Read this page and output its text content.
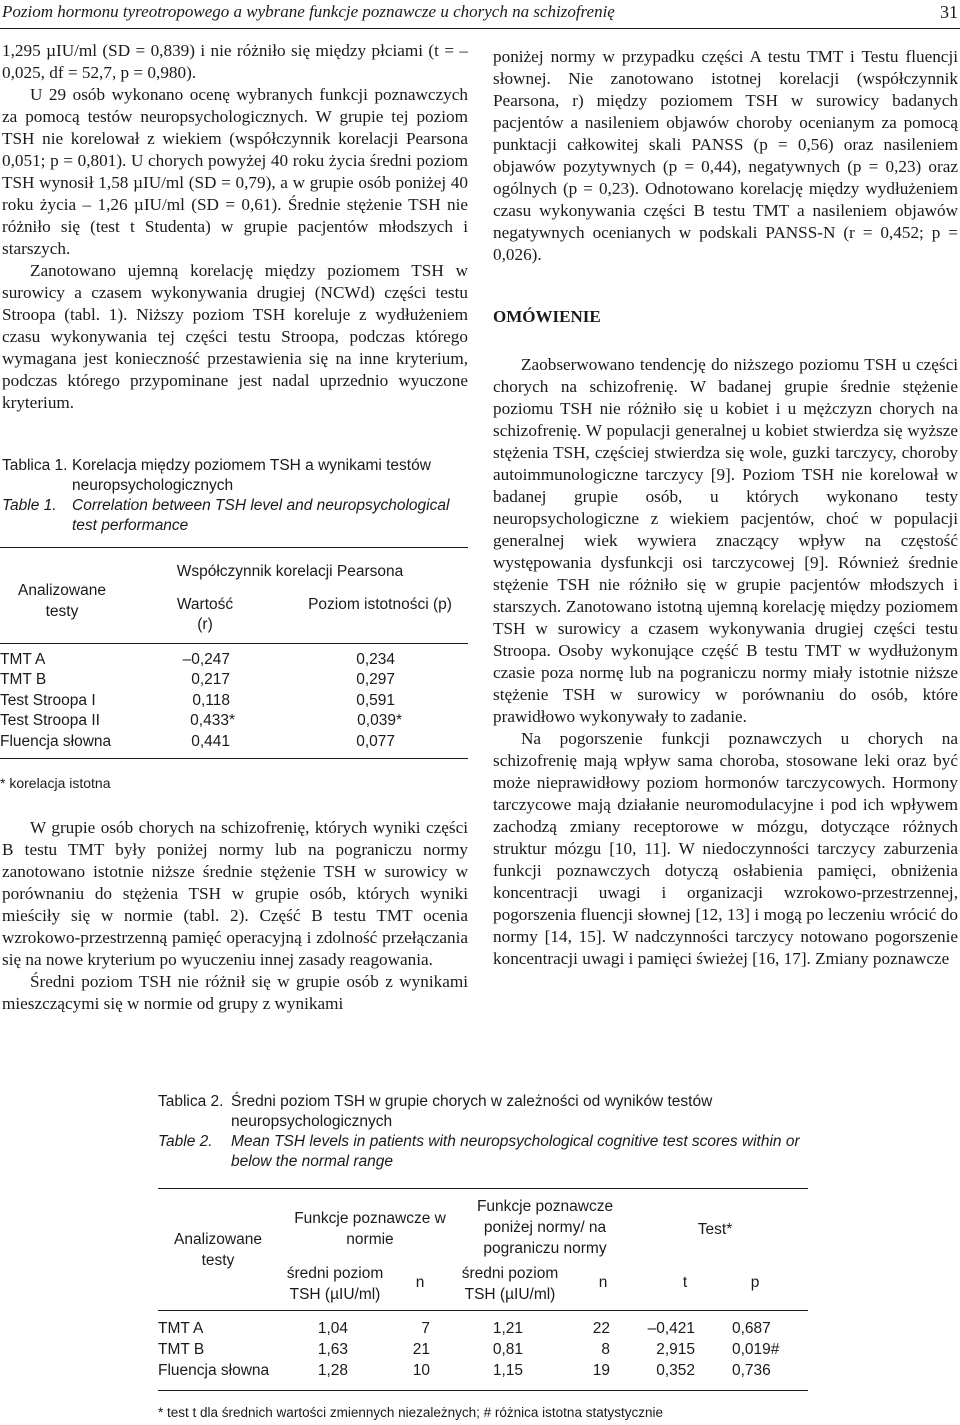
Poziom hormonu tyreotropowego a wybrane funkcje poznawcze u chorych na schizofrenię	31

1,295 µIU/ml (SD = 0,839) i nie różniło się między płciami (t = – 0,025, df = 52,7, p = 0,980).

U 29 osób wykonano ocenę wybranych funkcji poznawczych za pomocą testów neuropsychologicznych. W grupie tej poziom TSH nie korelował z wiekiem (współczynnik korelacji Pearsona 0,051; p = 0,801). U chorych powyżej 40 roku życia średni poziom TSH wynosił 1,58 µIU/ml (SD = 0,79), a w grupie osób poniżej 40 roku życia – 1,26 µIU/ml (SD = 0,61). Średnie stężenie TSH nie różniło się (test t Studenta) w grupie pacjentów młodszych i starszych.

Zanotowano ujemną korelację między poziomem TSH w surowicy a czasem wykonywania drugiej (NCWd) części testu Stroopa (tabl. 1). Niższy poziom TSH koreluje z wydłużeniem czasu wykonywania tej części testu Stroopa, podczas którego wymagana jest konieczność przestawienia się na inne kryterium, podczas którego przypominane jest nadal uprzednio wyuczone kryterium.

Tablica 1. Korelacja między poziomem TSH a wynikami testów neuropsychologicznych
Table 1. Correlation between TSH level and neuropsychological test performance
Analizowane testy
Współczynnik korelacji Pearsona
Wartość (r)
Poziom istotności (p)
TMT A	–0,247	0,234
TMT B	0,217	0,297
Test Stroopa I	0,118	0,591
Test Stroopa II	0,433*	0,039*
Fluencja słowna	0,441	0,077
* korelacja istotna

W grupie osób chorych na schizofrenię, których wyniki części B testu TMT były poniżej normy lub na pograniczu normy zanotowano istotnie niższe średnie stężenie TSH w surowicy w porównaniu do stężenia TSH w grupie osób, których wyniki mieściły się w normie (tabl. 2). Część B testu TMT ocenia wzrokowo-przestrzenną pamięć operacyjną i zdolność przełączania się na nowe kryterium po wyuczeniu innej zasady reagowania.

Średni poziom TSH nie różnił się w grupie osób z wynikami mieszczącymi się w normie od grupy z wynikami

poniżej normy w przypadku części A testu TMT i Testu fluencji słownej. Nie zanotowano istotnej korelacji (współczynnik Pearsona, r) między poziomem TSH w surowicy badanych pacjentów a nasileniem objawów choroby ocenianym za pomocą punktacji całkowitej skali PANSS (p = 0,56) oraz nasileniem objawów pozytywnych (p = 0,44), negatywnych (p = 0,23) oraz ogólnych (p = 0,23). Odnotowano korelację między wydłużeniem czasu wykonywania części B testu TMT a nasileniem objawów negatywnych ocenianych w podskali PANSS-N (r = 0,452; p = 0,026).

OMÓWIENIE

Zaobserwowano tendencję do niższego poziomu TSH u części chorych na schizofrenię. W badanej grupie średnie stężenie poziomu TSH nie różniło się u kobiet i u mężczyzn chorych na schizofrenię. W populacji generalnej u kobiet stwierdza się wyższe stężenia TSH, częściej stwierdza się wole, guzki tarczycy, choroby autoimmunologiczne tarczycy [9]. Poziom TSH nie korelował w badanej grupie osób, u których wykonano testy neuropsychologiczne z wiekiem pacjentów, choć w populacji generalnej wiek wywiera znaczący wpływ na częstość występowania dysfunkcji osi tarczycowej [9]. Również średnie stężenie TSH nie różniło się w grupie pacjentów młodszych i starszych. Zanotowano istotną ujemną korelację między poziomem TSH w surowicy a czasem wykonywania drugiej części testu Stroopa. Osoby wykonujące część B testu TMT w wydłużonym czasie poza normę lub na pograniczu normy miały istotnie niższe stężenie TSH w surowicy w porównaniu do osób, które prawidłowo wykonywały to zadanie.

Na pogorszenie funkcji poznawczych u chorych na schizofrenię mają wpływ sama choroba, stosowane leki oraz być może nieprawidłowy poziom hormonów tarczycowych. Hormony tarczycowe mają działanie neuromodulacyjne i pod ich wpływem zachodzą zmiany receptorowe w mózgu, dotyczące różnych struktur mózgu [10, 11]. W niedoczynności tarczycy zaburzenia funkcji poznawczych dotyczą osłabienia pamięci, obniżenia koncentracji uwagi i organizacji wzrokowo-przestrzennej, pogorszenia fluencji słownej [12, 13] i mogą po leczeniu wrócić do normy [14, 15]. W nadczynności tarczycy notowano pogorszenie koncentracji uwagi i pamięci świeżej [16, 17]. Zmiany poznawcze

Tablica 2. Średni poziom TSH w grupie chorych w zależności od wyników testów neuropsychologicznych
Table 2.	Mean TSH levels in patients with neuropsychological cognitive test scores within or below the normal range
Analizowane testy
Funkcje poznawcze w normie
Funkcje poznawcze poniżej normy/ na pograniczu normy
Test*
średni poziom TSH (µIU/ml)
n
średni poziom TSH (µIU/ml)
n	t	p
TMT A	1,04	7	1,21	22	–0,421 0,687
TMT B	1,63	21	0,81	8	2,915 0,019#
Fluencja słowna	1,28	10	1,15	19	0,352 0,736
* test t dla średnich wartości zmiennych niezależnych; # różnica istotna statystycznie
